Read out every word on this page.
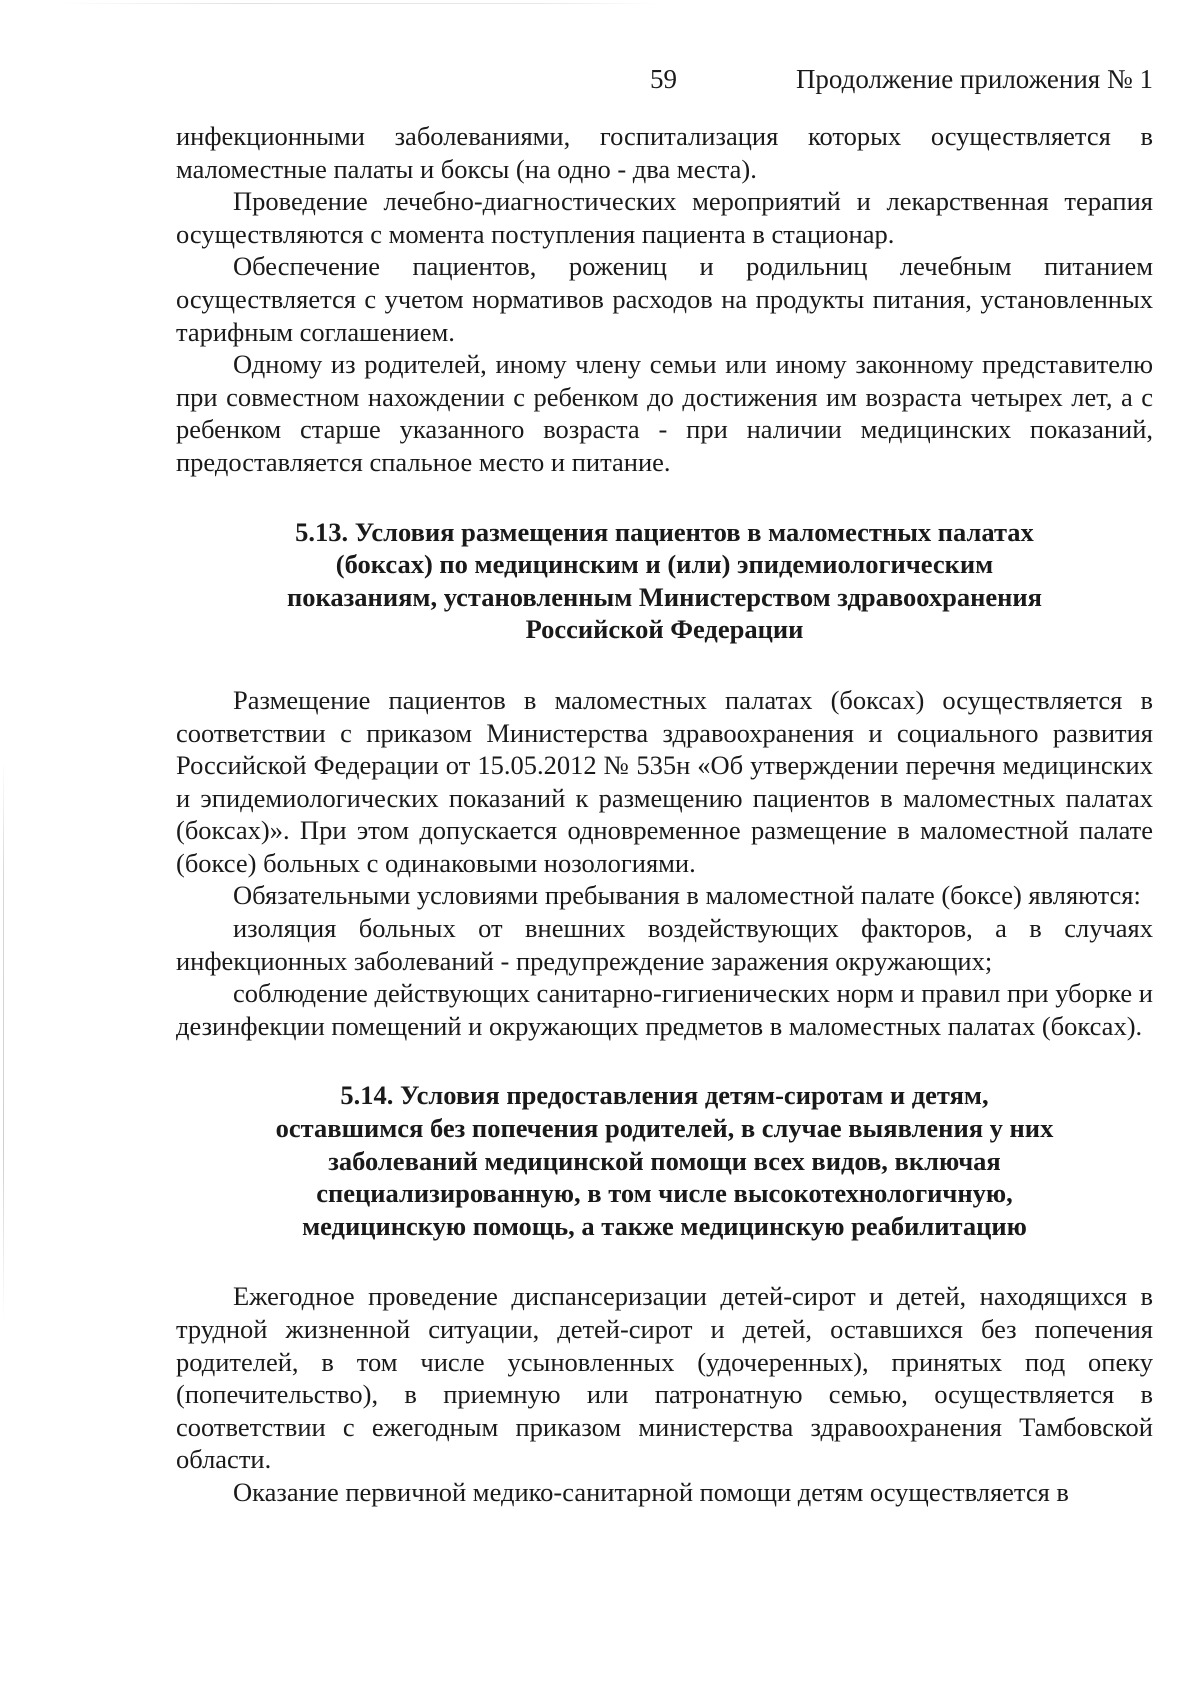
59	Продолжение приложения № 1

инфекционными заболеваниями, госпитализация которых осуществляется в маломестные палаты и боксы (на одно - два места).

Проведение лечебно-диагностических мероприятий и лекарственная терапия осуществляются с момента поступления пациента в стационар.

Обеспечение пациентов, рожениц и родильниц лечебным питанием осуществляется с учетом нормативов расходов на продукты питания, установленных тарифным соглашением.

Одному из родителей, иному члену семьи или иному законному представителю при совместном нахождении с ребенком до достижения им возраста четырех лет, а с ребенком старше указанного возраста - при наличии медицинских показаний, предоставляется спальное место и питание.

5.13. Условия размещения пациентов в маломестных палатах
(боксах) по медицинским и (или) эпидемиологическим
показаниям, установленным Министерством здравоохранения
Российской Федерации

Размещение пациентов в маломестных палатах (боксах) осуществляется в соответствии с приказом Министерства здравоохранения и социального развития Российской Федерации от 15.05.2012 № 535н «Об утверждении перечня медицинских и эпидемиологических показаний к размещению пациентов в маломестных палатах (боксах)». При этом допускается одновременное размещение в маломестной палате (боксе) больных с одинаковыми нозологиями.

Обязательными условиями пребывания в маломестной палате (боксе) являются:

изоляция больных от внешних воздействующих факторов, а в случаях инфекционных заболеваний - предупреждение заражения окружающих;

соблюдение действующих санитарно-гигиенических норм и правил при уборке и дезинфекции помещений и окружающих предметов в маломестных палатах (боксах).

5.14. Условия предоставления детям-сиротам и детям,
оставшимся без попечения родителей, в случае выявления у них
заболеваний медицинской помощи всех видов, включая
специализированную, в том числе высокотехнологичную,
медицинскую помощь, а также медицинскую реабилитацию

Ежегодное проведение диспансеризации детей-сирот и детей, находящихся в трудной жизненной ситуации, детей-сирот и детей, оставшихся без попечения родителей, в том числе усыновленных (удочеренных), принятых под опеку (попечительство), в приемную или патронатную семью, осуществляется в соответствии с ежегодным приказом министерства здравоохранения Тамбовской области.

Оказание первичной медико-санитарной помощи детям осуществляется в
